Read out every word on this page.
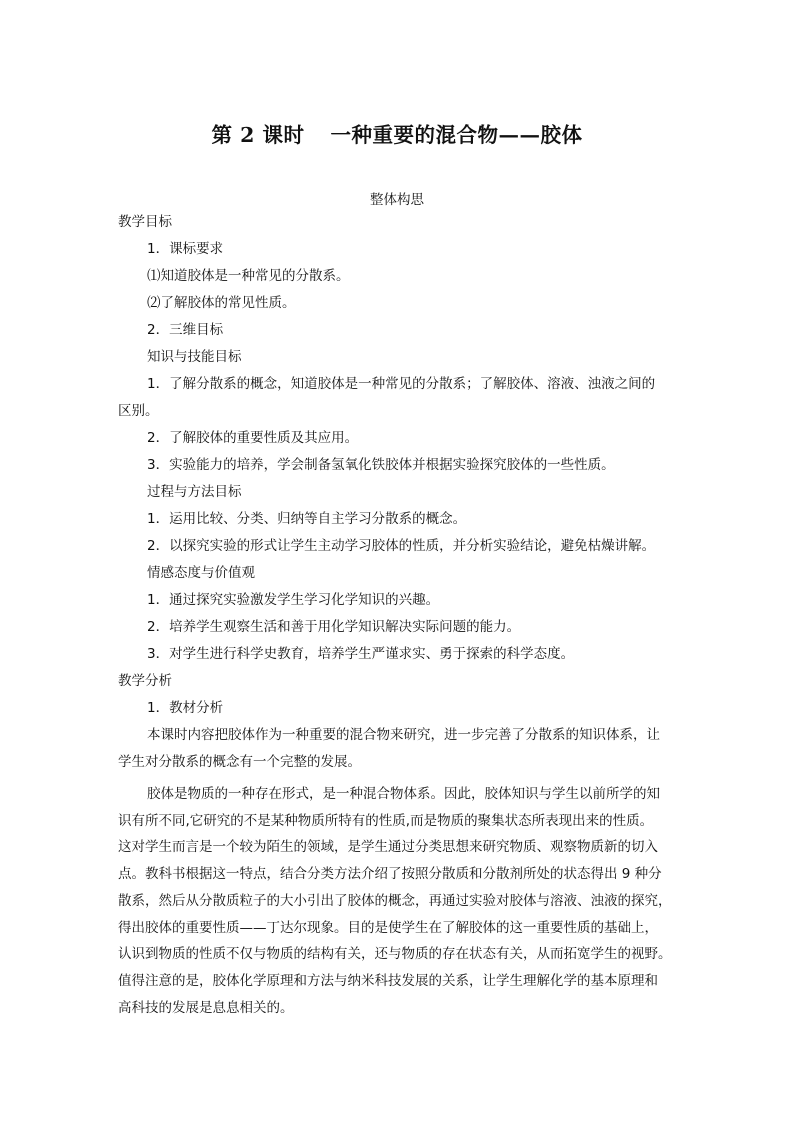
第 2 课时 一种重要的混合物——胶体
整体构思
教学目标
1．课标要求
⑴知道胶体是一种常见的分散系。
⑵了解胶体的常见性质。
2．三维目标
知识与技能目标
1．了解分散系的概念，知道胶体是一种常见的分散系；了解胶体、溶液、浊液之间的
区别。
2．了解胶体的重要性质及其应用。
3．实验能力的培养，学会制备氢氧化铁胶体并根据实验探究胶体的一些性质。
过程与方法目标
1．运用比较、分类、归纳等自主学习分散系的概念。
2．以探究实验的形式让学生主动学习胶体的性质，并分析实验结论，避免枯燥讲解。
情感态度与价值观
1．通过探究实验激发学生学习化学知识的兴趣。
2．培养学生观察生活和善于用化学知识解决实际问题的能力。
3．对学生进行科学史教育，培养学生严谨求实、勇于探索的科学态度。
教学分析
1．教材分析
本课时内容把胶体作为一种重要的混合物来研究，进一步完善了分散系的知识体系，让
学生对分散系的概念有一个完整的发展。
胶体是物质的一种存在形式，是一种混合物体系。因此，胶体知识与学生以前所学的知
识有所不同,它研究的不是某种物质所特有的性质,而是物质的聚集状态所表现出来的性质。
这对学生而言是一个较为陌生的领域，是学生通过分类思想来研究物质、观察物质新的切入
点。教科书根据这一特点，结合分类方法介绍了按照分散质和分散剂所处的状态得出 9 种分
散系，然后从分散质粒子的大小引出了胶体的概念，再通过实验对胶体与溶液、浊液的探究，
得出胶体的重要性质——丁达尔现象。目的是使学生在了解胶体的这一重要性质的基础上，
认识到物质的性质不仅与物质的结构有关，还与物质的存在状态有关，从而拓宽学生的视野。
值得注意的是，胶体化学原理和方法与纳米科技发展的关系，让学生理解化学的基本原理和
高科技的发展是息息相关的。
